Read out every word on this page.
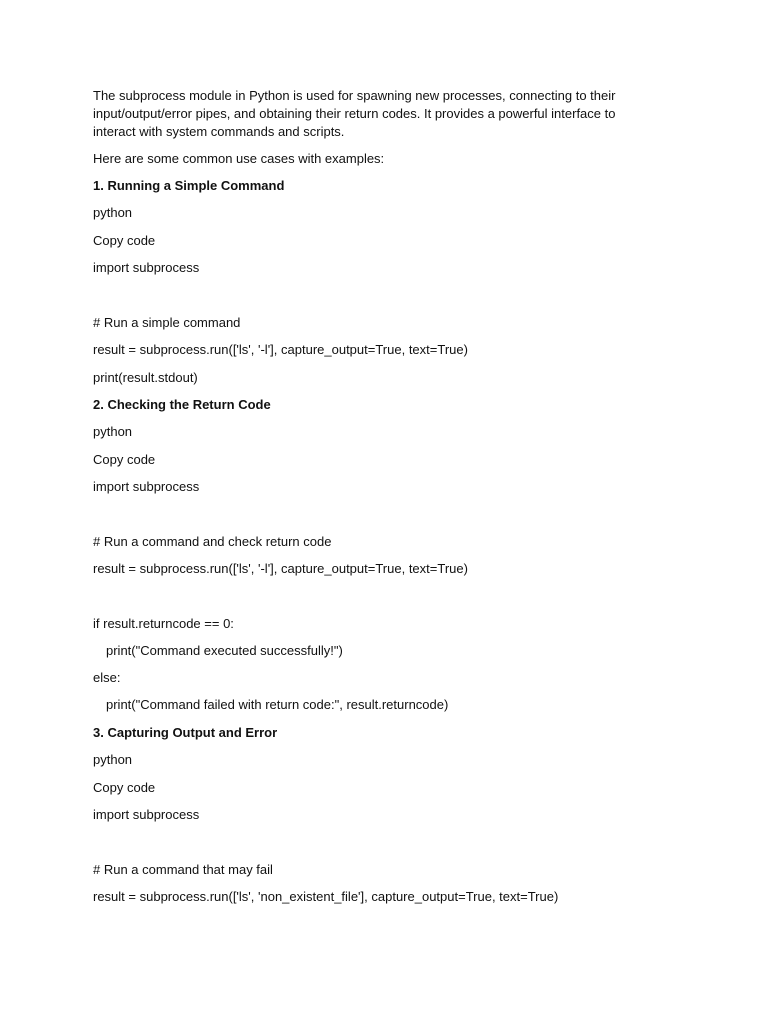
The subprocess module in Python is used for spawning new processes, connecting to their input/output/error pipes, and obtaining their return codes. It provides a powerful interface to interact with system commands and scripts.

Here are some common use cases with examples:
1. Running a Simple Command
python
Copy code
import subprocess
# Run a simple command
result = subprocess.run(['ls', '-l'], capture_output=True, text=True)
print(result.stdout)
2. Checking the Return Code
python
Copy code
import subprocess
# Run a command and check return code
result = subprocess.run(['ls', '-l'], capture_output=True, text=True)
if result.returncode == 0:
print("Command executed successfully!")
else:
print("Command failed with return code:", result.returncode)
3. Capturing Output and Error
python
Copy code
import subprocess
# Run a command that may fail
result = subprocess.run(['ls', 'non_existent_file'], capture_output=True, text=True)
